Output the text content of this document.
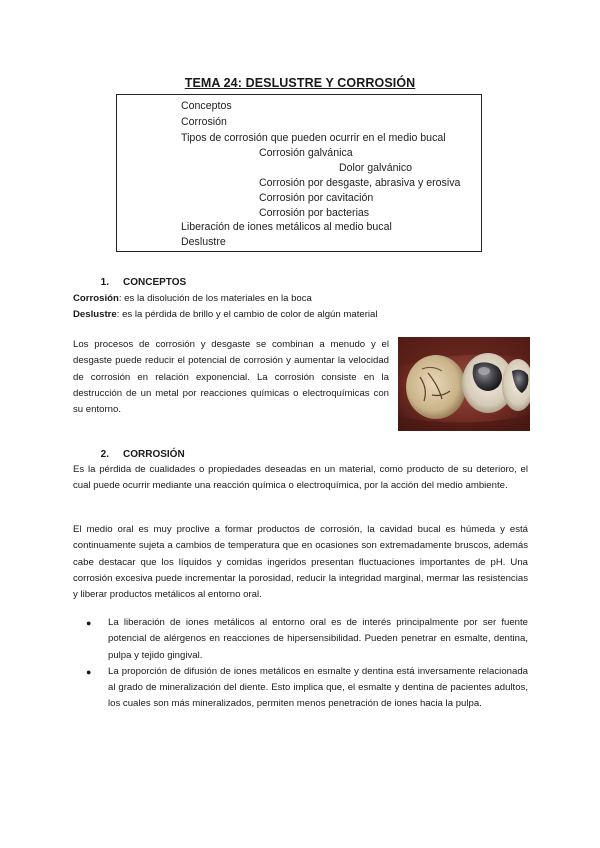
TEMA 24: DESLUSTRE Y CORROSIÓN
Conceptos
Corrosión
Tipos de corrosión que pueden ocurrir en el medio bucal
Corrosión galvánica
Dolor galvánico
Corrosión por desgaste, abrasiva y erosiva
Corrosión por cavitación
Corrosión por bacterias
Liberación de iones metálicos al medio bucal
Deslustre
1. CONCEPTOS
Corrosión: es la disolución de los materiales en la boca
Deslustre: es la pérdida de brillo y el cambio de color de algún material

Los procesos de corrosión y desgaste se combinan a menudo y el desgaste puede reducir el potencial de corrosión y aumentar la velocidad de corrosión en relación exponencial. La corrosión consiste en la destrucción de un metal por reacciones químicas o electroquímicas con su entorno.

2. CORROSIÓN

Es la pérdida de cualidades o propiedades deseadas en un material, como producto de su deterioro, el cual puede ocurrir mediante una reacción química o electroquímica, por la acción del medio ambiente.

El medio oral es muy proclive a formar productos de corrosión, la cavidad bucal es húmeda y está continuamente sujeta a cambios de temperatura que en ocasiones son extremadamente bruscos, además cabe destacar que los líquidos y comidas ingeridos presentan fluctuaciones importantes de pH. Una corrosión excesiva puede incrementar la porosidad, reducir la integridad marginal, mermar las resistencias y liberar productos metálicos al entorno oral.

● La liberación de iones metálicos al entorno oral es de interés principalmente por ser fuente potencial de alérgenos en reacciones de hipersensibilidad. Pueden penetrar en esmalte, dentina, pulpa y tejido gingival.
● La proporción de difusión de iones metálicos en esmalte y dentina está inversamente relacionada al grado de mineralización del diente. Esto implica que, el esmalte y dentina de pacientes adultos, los cuales son más mineralizados, permiten menos penetración de iones hacia la pulpa.
